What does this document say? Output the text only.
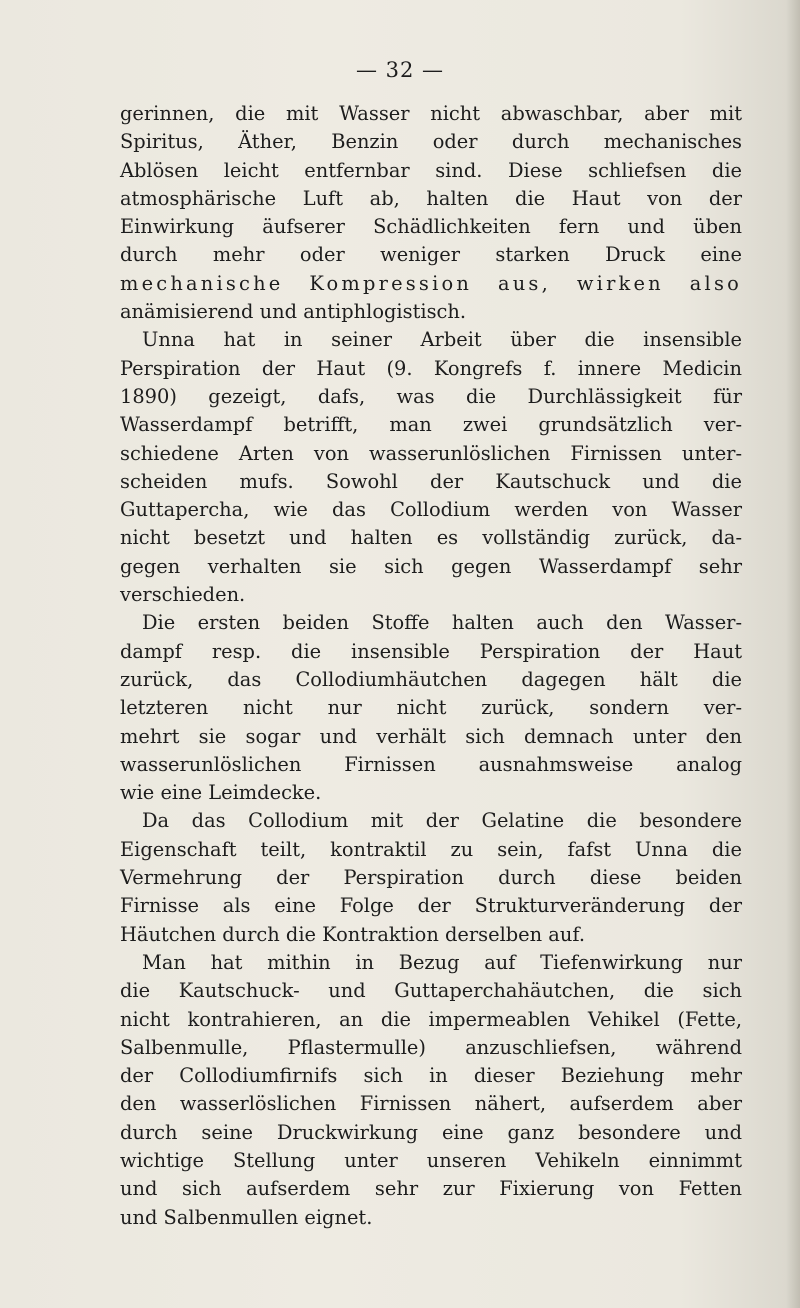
— 32 —
gerinnen, die mit Wasser nicht abwaschbar, aber mit
Spiritus, Äther, Benzin oder durch mechanisches
Ablösen leicht entfernbar sind. Diese schliefsen die
atmosphärische Luft ab, halten die Haut von der
Einwirkung äufserer Schädlichkeiten fern und üben
durch mehr oder weniger starken Druck eine
mechanische Kompression aus, wirken also
anämisierend und antiphlogistisch.
Unna hat in seiner Arbeit über die insensible
Perspiration der Haut (9. Kongrefs f. innere Medicin
1890) gezeigt, dafs, was die Durchlässigkeit für
Wasserdampf betrifft, man zwei grundsätzlich ver-
schiedene Arten von wasserunlöslichen Firnissen unter-
scheiden mufs. Sowohl der Kautschuck und die
Guttapercha, wie das Collodium werden von Wasser
nicht besetzt und halten es vollständig zurück, da-
gegen verhalten sie sich gegen Wasserdampf sehr
verschieden.
Die ersten beiden Stoffe halten auch den Wasser-
dampf resp. die insensible Perspiration der Haut
zurück, das Collodiumhäutchen dagegen hält die
letzteren nicht nur nicht zurück, sondern ver-
mehrt sie sogar und verhält sich demnach unter den
wasserunlöslichen Firnissen ausnahmsweise analog
wie eine Leimdecke.
Da das Collodium mit der Gelatine die besondere
Eigenschaft teilt, kontraktil zu sein, fafst Unna die
Vermehrung der Perspiration durch diese beiden
Firnisse als eine Folge der Strukturveränderung der
Häutchen durch die Kontraktion derselben auf.
Man hat mithin in Bezug auf Tiefenwirkung nur
die Kautschuck- und Guttaperchahäutchen, die sich
nicht kontrahieren, an die impermeablen Vehikel (Fette,
Salbenmulle, Pflastermulle) anzuschliefsen, während
der Collodiumfirnifs sich in dieser Beziehung mehr
den wasserlöslichen Firnissen nähert, aufserdem aber
durch seine Druckwirkung eine ganz besondere und
wichtige Stellung unter unseren Vehikeln einnimmt
und sich aufserdem sehr zur Fixierung von Fetten
und Salbenmullen eignet.
